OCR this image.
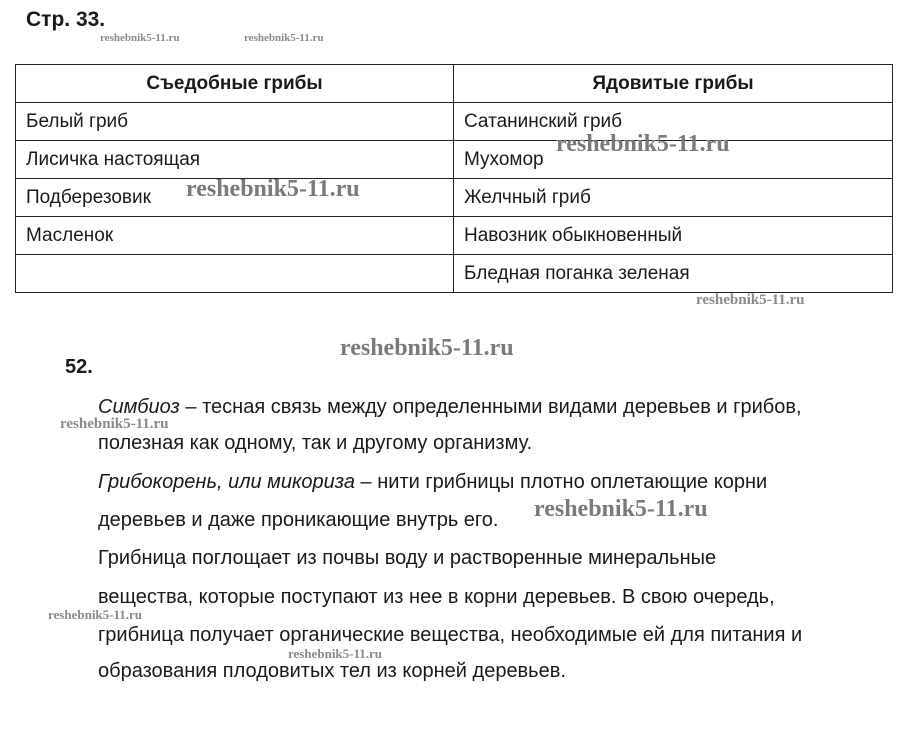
Стр. 33.
reshebnik5-11.ru	reshebnik5-11.ru
Съедобные грибы	Ядовитые грибы
Белый гриб	Сатанинский гриб
Лисичка настоящая	Мухомор
Подберезовик	Желчный гриб
Масленок	Навозник обыкновенный
	Бледная поганка зеленая
reshebnik5-11.ru
reshebnik5-11.ru
reshebnik5-11.ru
reshebnik5-11.ru
52.
Симбиоз – тесная связь между определенными видами деревьев и грибов,
reshebnik5-11.ru
полезная как одному, так и другому организму.
Грибокорень, или микориза – нити грибницы плотно оплетающие корни
деревьев и даже проникающие внутрь его. reshebnik5-11.ru
Грибница поглощает из почвы воду и растворенные минеральные
вещества, которые поступают из нее в корни деревьев. В свою очередь,
reshebnik5-11.ru
грибница получает органические вещества, необходимые ей для питания и
reshebnik5-11.ru
образования плодовитых тел из корней деревьев.
